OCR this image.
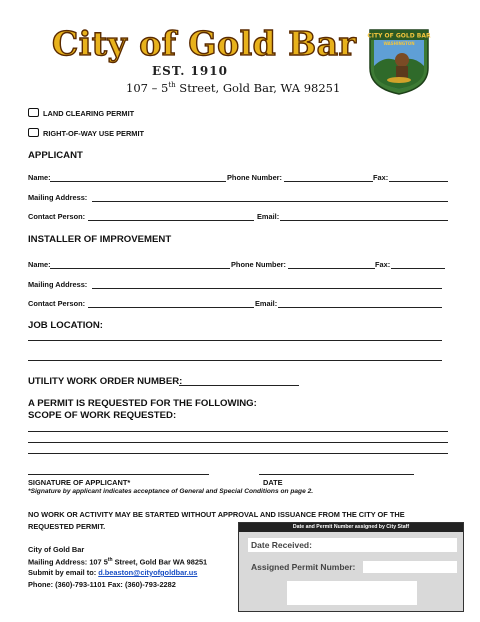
City of Gold Bar
EST. 1910
107 – 5th Street, Gold Bar, WA 98251
CITY OF GOLD BAR
WASHINGTON
LAND CLEARING PERMIT
RIGHT-OF-WAY USE PERMIT
APPLICANT
Name:	Phone Number:	Fax:
Mailing Address:
Contact Person:	Email:
INSTALLER OF IMPROVEMENT
Name:	Phone Number:	Fax:
Mailing Address:
Contact Person:	Email:
JOB LOCATION:
UTILITY WORK ORDER NUMBER:
A PERMIT IS REQUESTED FOR THE FOLLOWING:
SCOPE OF WORK REQUESTED:
SIGNATURE OF APPLICANT*	DATE
*Signature by applicant indicates acceptance of General and Special Conditions on page 2.
NO WORK OR ACTIVITY MAY BE STARTED WITHOUT APPROVAL AND ISSUANCE FROM THE CITY OF THE
REQUESTED PERMIT.
City of Gold Bar
Mailing Address: 107 5th Street, Gold Bar WA 98251
Submit by email to: d.beaston@cityofgoldbar.us
Phone: (360)-793-1101 Fax: (360)-793-2282
Date and Permit Number assigned by City Staff
Date Received:
Assigned Permit Number:
